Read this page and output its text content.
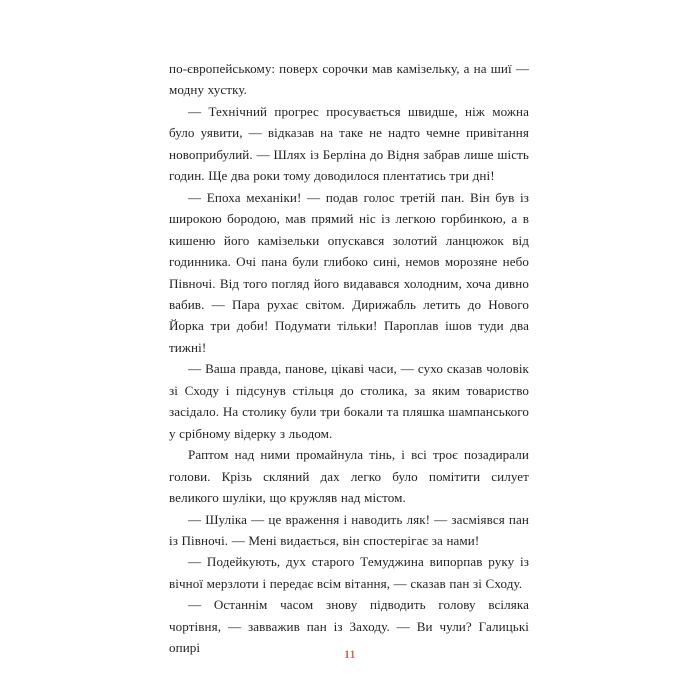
по-європейському: поверх сорочки мав камізельку, а на шиї — модну хустку.

— Технічний прогрес просувається швидше, ніж можна було уявити, — відказав на таке не надто чемне привітання новоприбулий. — Шлях із Берліна до Відня забрав лише шість годин. Ще два роки тому доводилося плентатись три дні!

— Епоха механіки! — подав голос третій пан. Він був із широкою бородою, мав прямий ніс із легкою горбинкою, а в кишеню його камізельки опускався золотий ланцюжок від годинника. Очі пана були глибоко сині, немов морозяне небо Півночі. Від того погляд його видавався холодним, хоча дивно вабив. — Пара рухає світом. Дирижабль летить до Нового Йорка три доби! Подумати тільки! Пароплав ішов туди два тижні!

— Ваша правда, панове, цікаві часи, — сухо сказав чоловік зі Сходу і підсунув стільця до столика, за яким товариство засідало. На столику були три бокали та пляшка шампанського у срібному відерку з льодом.

Раптом над ними промайнула тінь, і всі троє позадирали голови. Крізь скляний дах легко було помітити силует великого шуліки, що кружляв над містом.

— Шуліка — це враження і наводить ляк! — засміявся пан із Півночі. — Мені видається, він спостерігає за нами!

— Подейкують, дух старого Темуджина випорпав руку із вічної мерзлоти і передає всім вітання, — сказав пан зі Сходу.

— Останнім часом знову підводить голову всіляка чортівня, — завважив пан із Заходу. — Ви чули? Галицькі опирі	11
